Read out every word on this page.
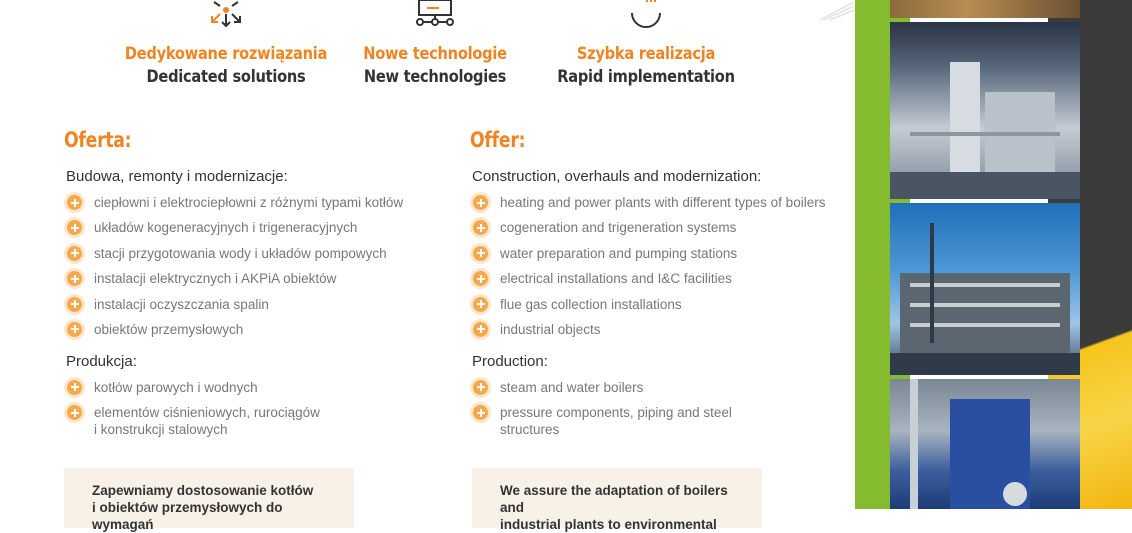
Dedykowane rozwiązania
Dedicated solutions
Nowe technologie
New technologies
Szybka realizacja
Rapid implementation
Oferta:
Budowa, remonty i modernizacje:
ciepłowni i elektrociepłowni z różnymi typami kotłów
układów kogeneracyjnych i trigeneracyjnych
stacji przygotowania wody i układów pompowych
instalacji elektrycznych i AKPiA obiektów
instalacji oczyszczania spalin
obiektów przemysłowych
Produkcja:
kotłów parowych i wodnych
elementów ciśnieniowych, rurociągów
i konstrukcji stalowych
Offer:
Construction, overhauls and modernization:
heating and power plants with different types of boilers
cogeneration and trigeneration systems
water preparation and pumping stations
electrical installations and I&C facilities
flue gas collection installations
industrial objects
Production:
steam and water boilers
pressure components, piping and steel
structures
Zapewniamy dostosowanie kotłów
i obiektów przemysłowych do wymagań
We assure the adaptation of boilers and
industrial plants to environmental
